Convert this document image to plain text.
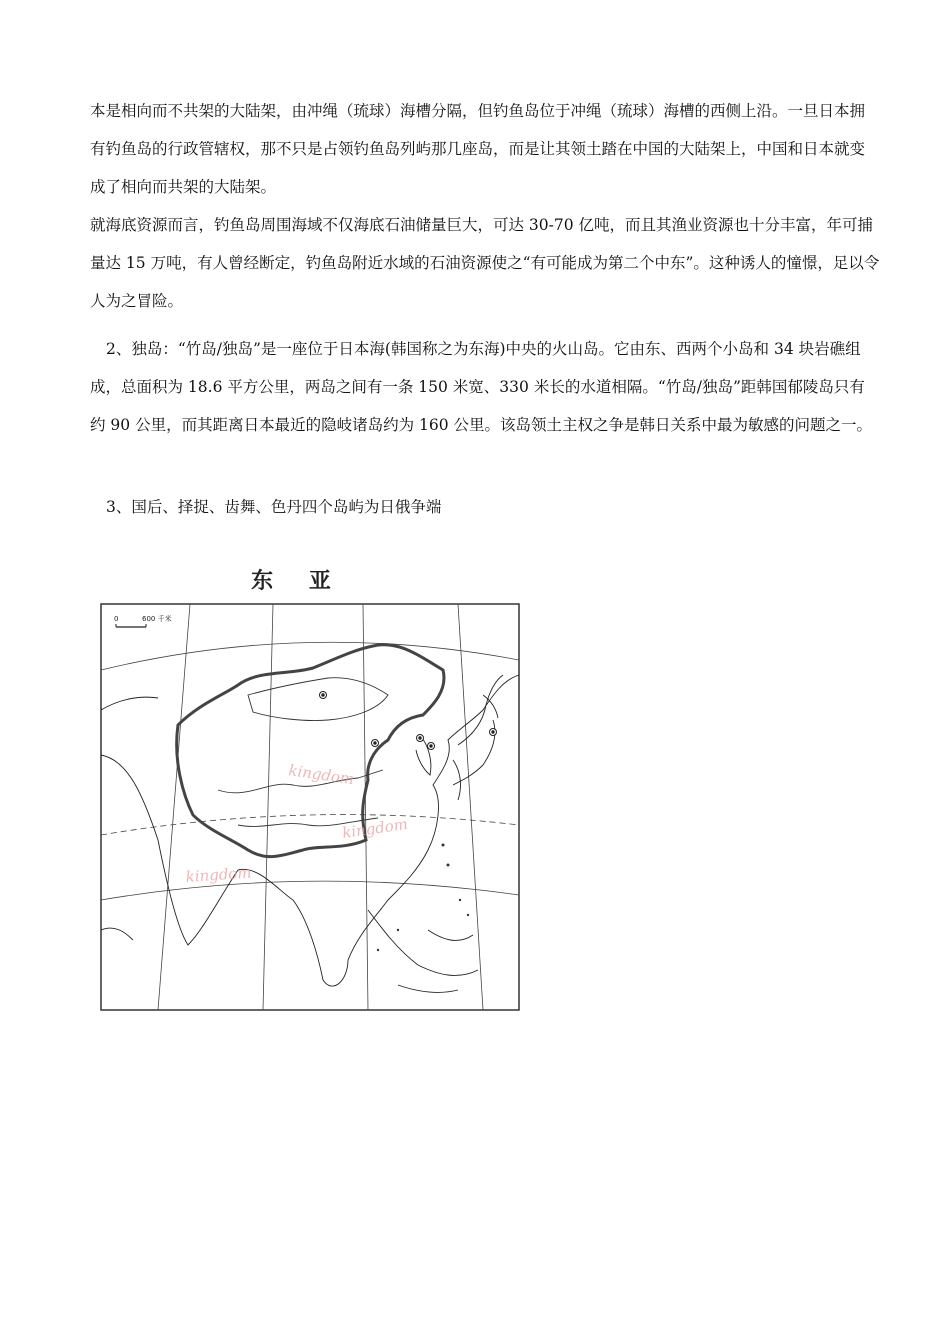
本是相向而不共架的大陆架，由冲绳（琉球）海槽分隔，但钓鱼岛位于冲绳（琉球）海槽的西侧上沿。一旦日本拥有钓鱼岛的行政管辖权，那不只是占领钓鱼岛列屿那几座岛，而是让其领土踏在中国的大陆架上，中国和日本就变成了相向而共架的大陆架。

就海底资源而言，钓鱼岛周围海域不仅海底石油储量巨大，可达 30-70 亿吨，而且其渔业资源也十分丰富，年可捕量达 15 万吨，有人曾经断定，钓鱼岛附近水域的石油资源使之“有可能成为第二个中东”。这种诱人的憧憬，足以令人为之冒险。

2、独岛：“竹岛/独岛”是一座位于日本海(韩国称之为东海)中央的火山岛。它由东、西两个小岛和 34 块岩礁组成，总面积为 18.6 平方公里，两岛之间有一条 150 米宽、330 米长的水道相隔。“竹岛/独岛”距韩国郁陵岛只有约 90 公里，而其距离日本最近的隐岐诸岛约为 160 公里。该岛领土主权之争是韩日关系中最为敏感的问题之一。

3、国后、择捉、齿舞、色丹四个岛屿为日俄争端

东 亚
0	600 千米
kingdom
kingdom
kingdom
